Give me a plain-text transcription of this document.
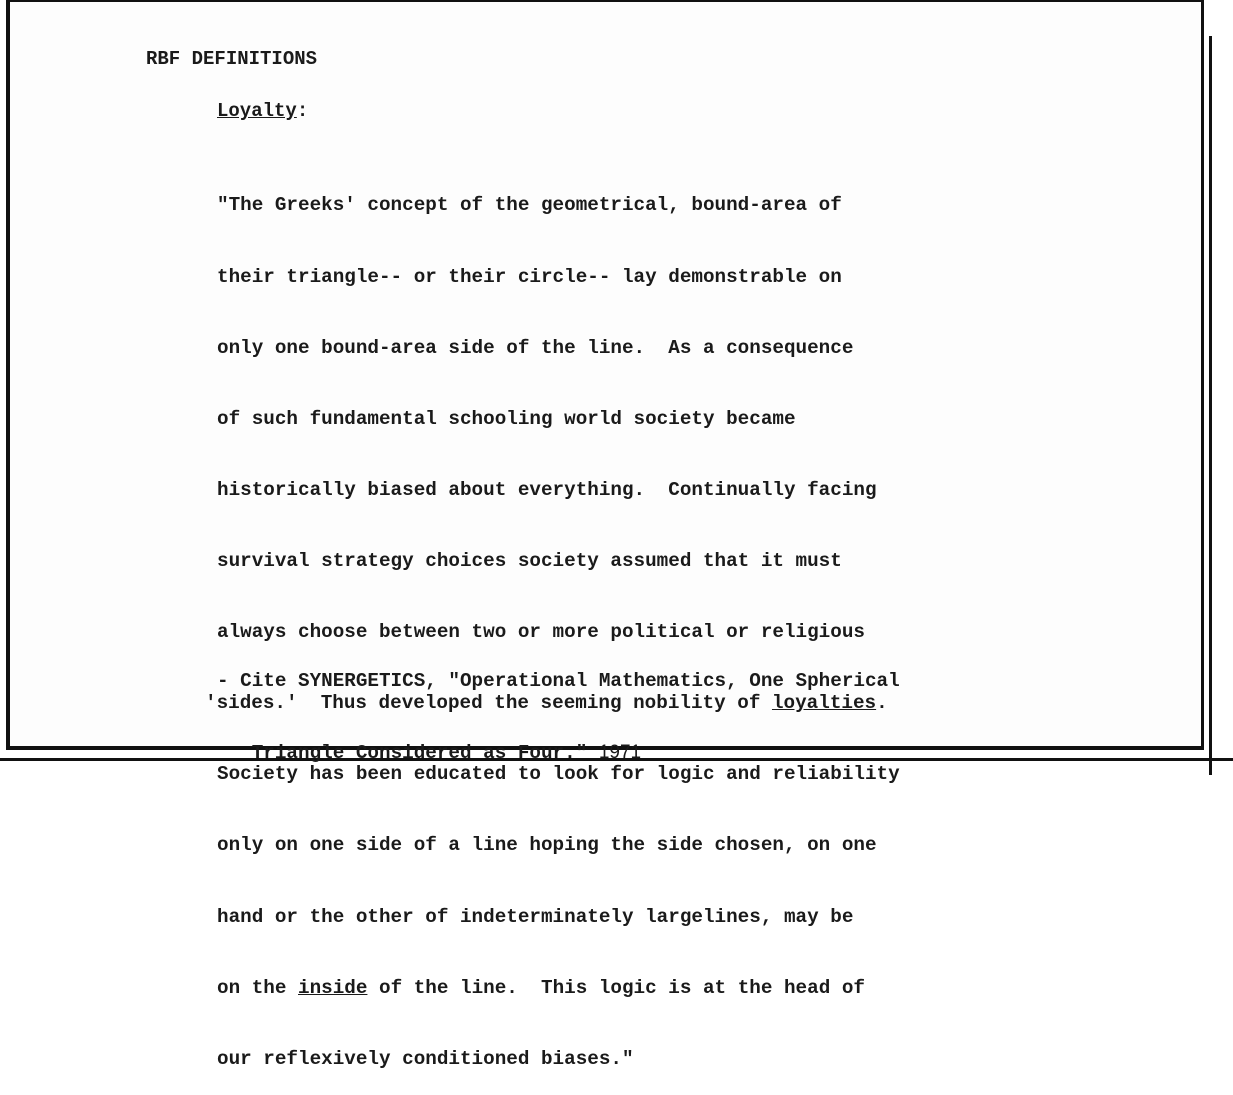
RBF DEFINITIONS
Loyalty:

"The Greeks' concept of the geometrical, bound-area of

their triangle-- or their circle-- lay demonstrable on

only one bound-area side of the line.  As a consequence

of such fundamental schooling world society became

historically biased about everything.  Continually facing

survival strategy choices society assumed that it must

always choose between two or more political or religious

'sides.'  Thus developed the seeming nobility of loyalties.

Society has been educated to look for logic and reliability

only on one side of a line hoping the side chosen, on one

hand or the other of indeterminately largelines, may be

on the inside of the line.  This logic is at the head of

our reflexively conditioned biases."

- Cite SYNERGETICS, "Operational Mathematics, One Spherical

Triangle Considered as Four." 1971
